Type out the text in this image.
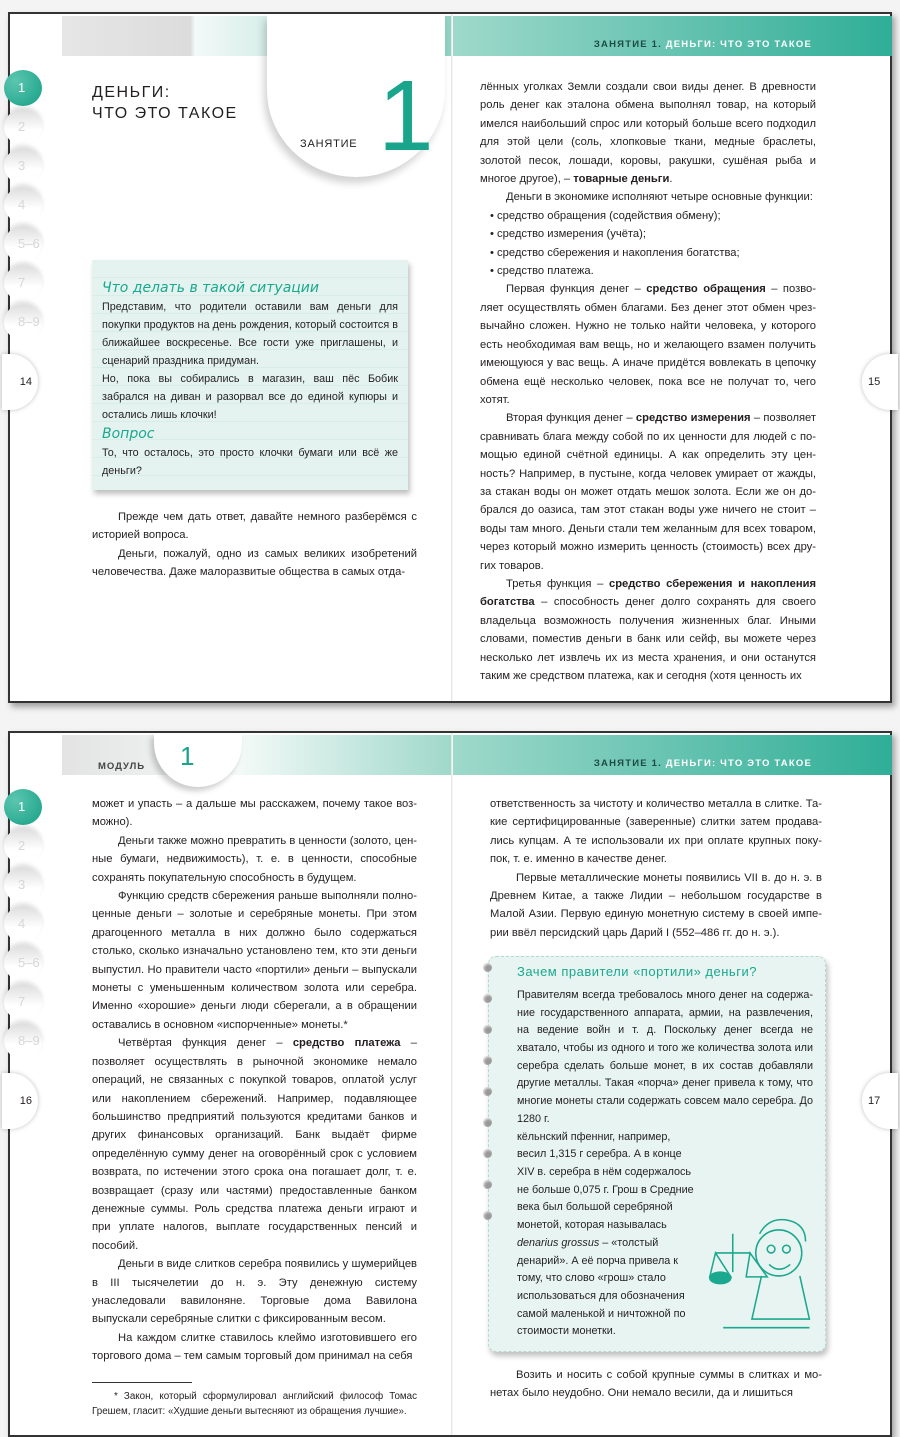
ЗАНЯТИЕ 1. ДЕНЬГИ: ЧТО ЭТО ТАКОЕ
1
2
3
4
5–6
7
8–9
14	15
ЗАНЯТИЕ 1
ДЕНЬГИ:
ЧТО ЭТО ТАКОЕ
Что делать в такой ситуации
Представим, что родители оставили вам деньги для покупки продуктов на день рождения, который состоится в ближайшее воскресенье. Все гости уже приглашены, и сценарий праздника придуман.
Но, пока вы собирались в магазин, ваш пёс Бобик забрался на диван и разорвал все до единой купюры и остались лишь клочки!
Вопрос
То, что осталось, это просто клочки бумаги или всё же деньги?

Прежде чем дать ответ, давайте немного разберёмся с историей вопроса.

Деньги, пожалуй, одно из самых великих изобретений человечества. Даже малоразвитые общества в самых отда-

лённых уголках Земли создали свои виды денег. В древности роль денег как эталона обмена выполнял товар, на который имелся наибольший спрос или который больше всего подходил для этой цели (соль, хлопковые ткани, медные браслеты, золотой песок, лошади, коровы, ракушки, сушёная рыба и многое другое), – товарные деньги.

Деньги в экономике исполняют четыре основные функции:

• средство обращения (содействия обмену);
• средство измерения (учёта);
• средство сбережения и накопления богатства;
• средство платежа.

Первая функция денег – средство обращения – позволяет осуществлять обмен благами. Без денег этот обмен чрезвычайно сложен. Нужно не только найти человека, у которого есть необходимая вам вещь, но и желающего взамен получить имеющуюся у вас вещь. А иначе придётся вовлекать в цепочку обмена ещё несколько человек, пока все не получат то, чего хотят.

Вторая функция денег – средство измерения – позволяет сравнивать блага между собой по их ценности для людей с помощью единой счётной единицы. А как определить эту ценность? Например, в пустыне, когда человек умирает от жажды, за стакан воды он может отдать мешок золота. Если же он добрался до оазиса, там этот стакан воды уже ничего не стоит – воды там много. Деньги стали тем желанным для всех товаром, через который можно измерить ценность (стоимость) всех других товаров.

Третья функция – средство сбережения и накопления богатства – способность денег долго сохранять для своего владельца возможность получения жизненных благ. Иными словами, поместив деньги в банк или сейф, вы можете через несколько лет извлечь их из места хранения, и они останутся таким же средством платежа, как и сегодня (хотя ценность их

МОДУЛЬ 1	ЗАНЯТИЕ 1. ДЕНЬГИ: ЧТО ЭТО ТАКОЕ
1
2
3
4
5–6
7
8–9
16	17

может и упасть – а дальше мы расскажем, почему такое возможно).

Деньги также можно превратить в ценности (золото, ценные бумаги, недвижимость), т. е. в ценности, способные сохранять покупательную способность в будущем.

Функцию средств сбережения раньше выполняли полноценные деньги – золотые и серебряные монеты. При этом драгоценного металла в них должно было содержаться столько, сколько изначально установлено тем, кто эти деньги выпустил. Но правители часто «портили» деньги – выпускали монеты с уменьшенным количеством золота или серебра. Именно «хорошие» деньги люди сберегали, а в обращении оставались в основном «испорченные» монеты.*

Четвёртая функция денег – средство платежа – позволяет осуществлять в рыночной экономике немало операций, не связанных с покупкой товаров, оплатой услуг или накоплением сбережений. Например, подавляющее большинство предприятий пользуются кредитами банков и других финансовых организаций. Банк выдаёт фирме определённую сумму денег на оговорённый срок с условием возврата, по истечении этого срока она погашает долг, т. е. возвращает (сразу или частями) предоставленные банком денежные суммы. Роль средства платежа деньги играют и при уплате налогов, выплате государственных пенсий и пособий.

Деньги в виде слитков серебра появились у шумерийцев в III тысячелетии до н. э. Эту денежную систему унаследовали вавилоняне. Торговые дома Вавилона выпускали серебряные слитки с фиксированным весом.

На каждом слитке ставилось клеймо изготовившего его торгового дома – тем самым торговый дом принимал на себя

* Закон, который сформулировал английский философ Томас Грешем, гласит: «Худшие деньги вытесняют из обращения лучшие».

ответственность за чистоту и количество металла в слитке. Такие сертифицированные (заверенные) слитки затем продавались купцам. А те использовали их при оплате крупных покупок, т. е. именно в качестве денег.

Первые металлические монеты появились VII в. до н. э. в Древнем Китае, а также Лидии – небольшом государстве в Малой Азии. Первую единую монетную систему в своей империи ввёл персидский царь Дарий I (552–486 гг. до н. э.).

Зачем правители «портили» деньги?
Правителям всегда требовалось много денег на содержание государственного аппарата, армии, на развлечения, на ведение войн и т. д. Поскольку денег всегда не хватало, чтобы из одного и того же количества золота или серебра сделать больше монет, в их состав добавляли другие металлы. Такая «порча» денег привела к тому, что многие монеты стали содержать совсем мало серебра. До 1280 г.
кёльнский пфенниг, например, весил 1,315 г серебра. А в конце XIV в. серебра в нём содержалось не больше 0,075 г. Грош в Средние века был большой серебряной монетой, которая называлась denarius grossus – «толстый денарий». А её порча привела к тому, что слово «грош» стало использоваться для обозначения самой маленькой и ничтожной по стоимости монетки.

Возить и носить с собой крупные суммы в слитках и монетах было неудобно. Они немало весили, да и лишиться
